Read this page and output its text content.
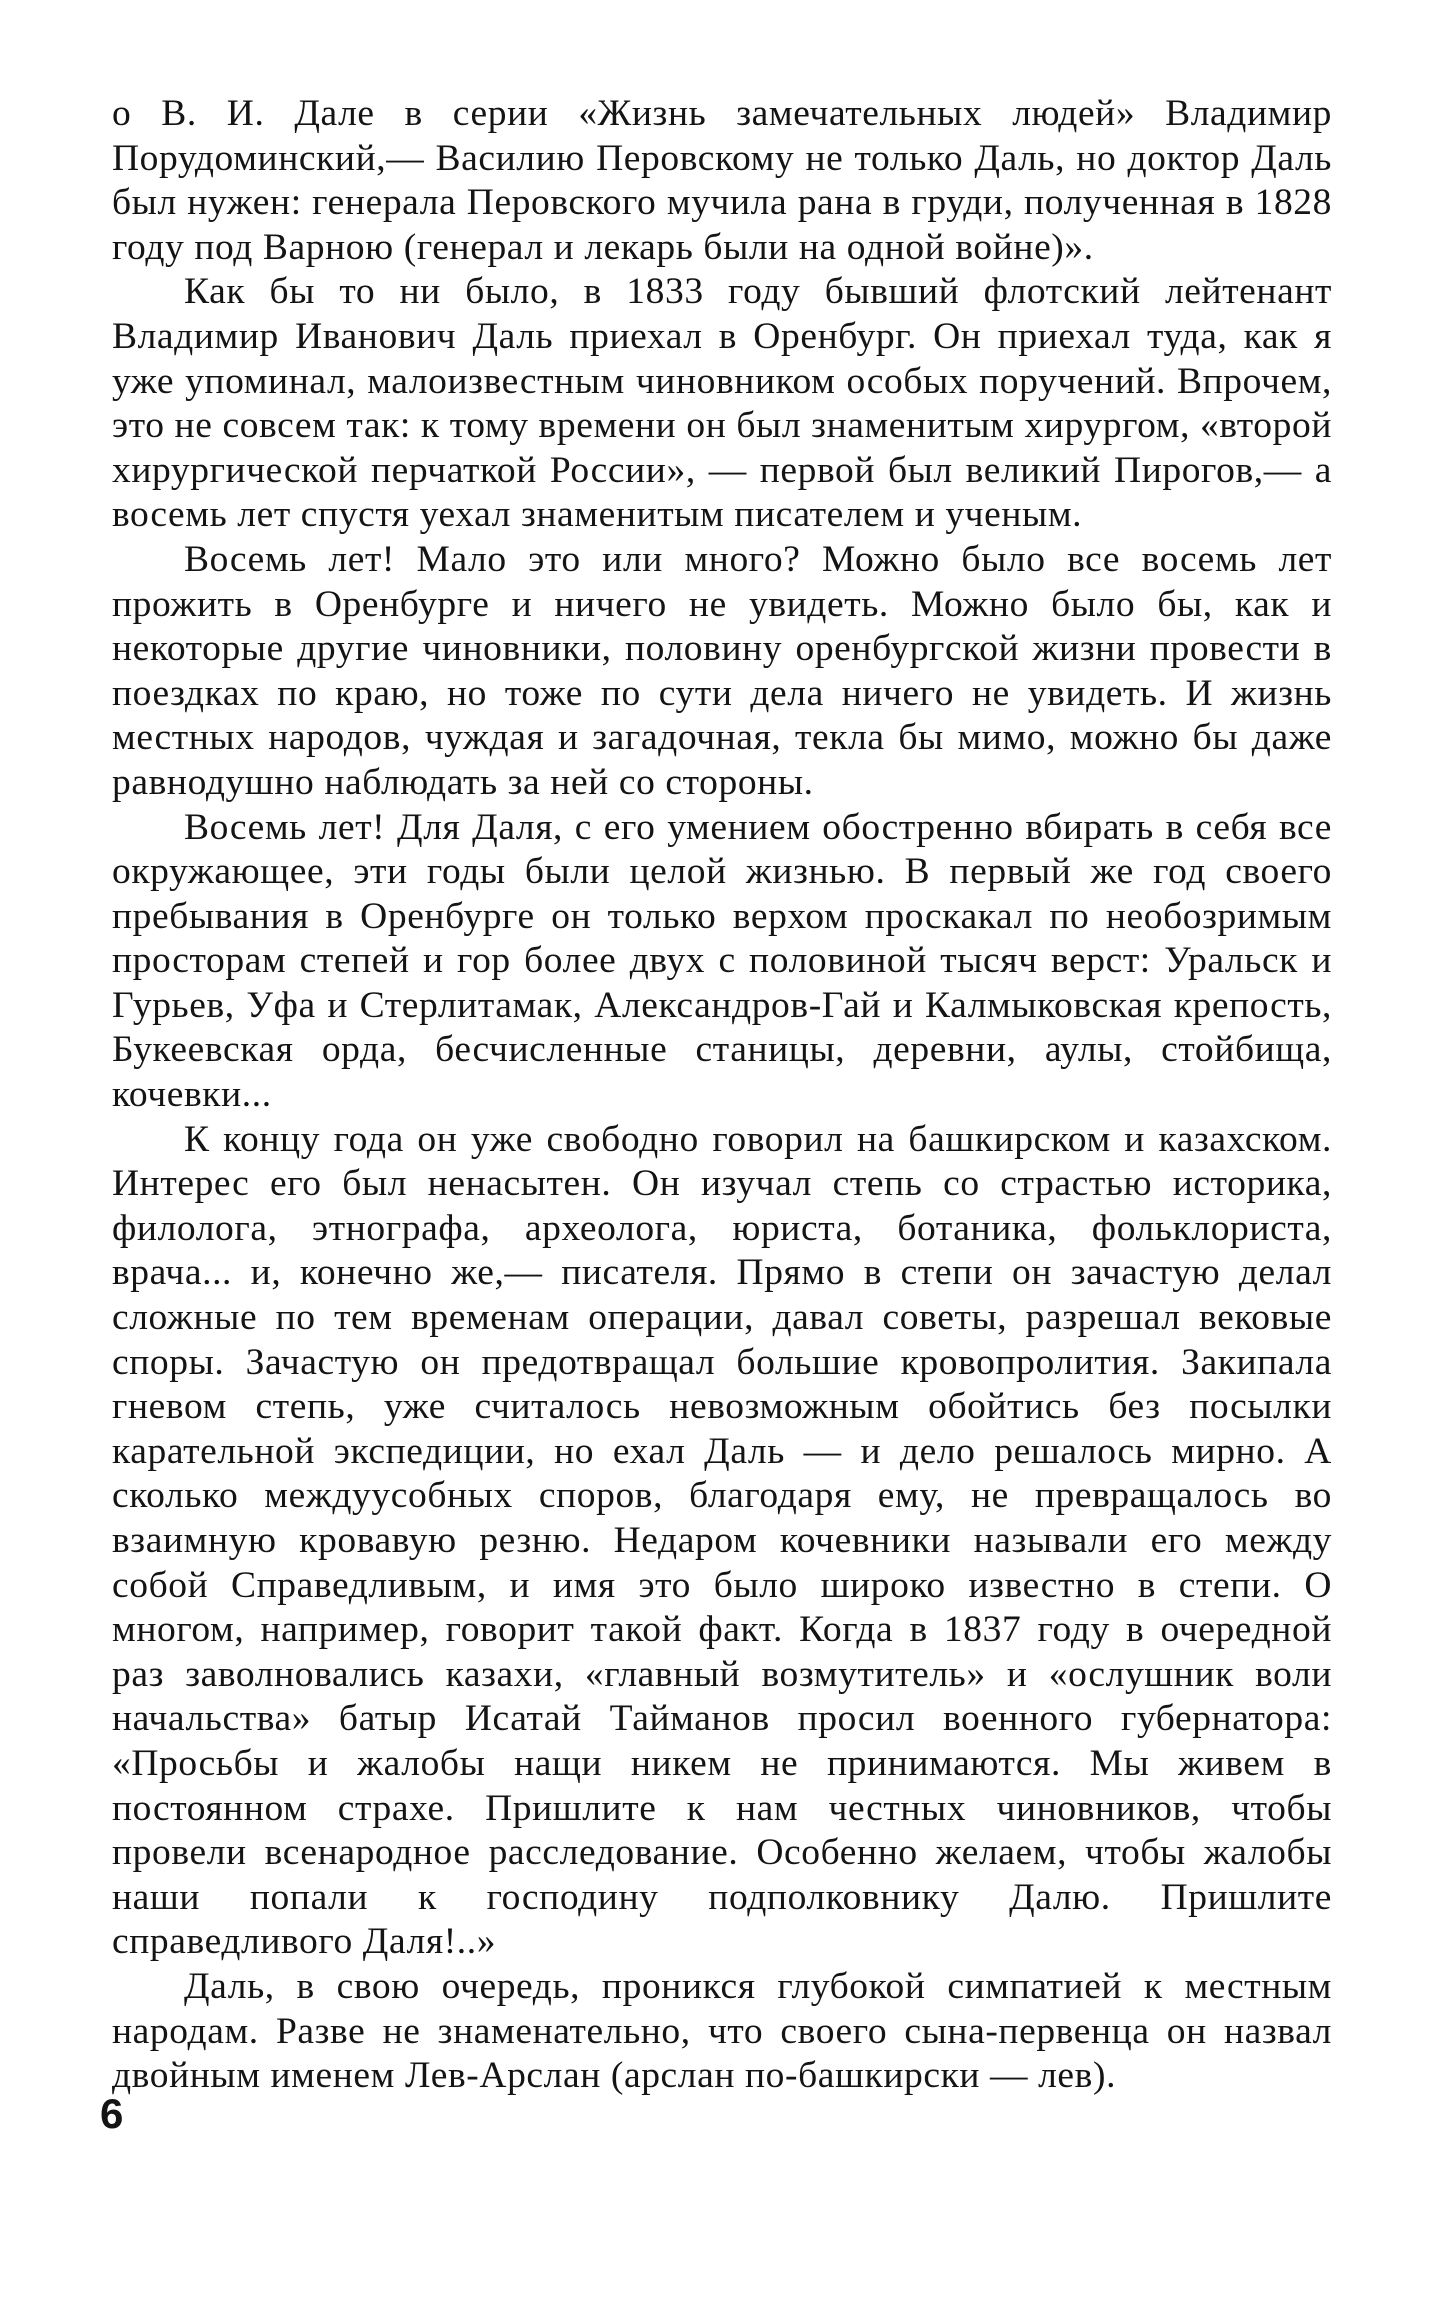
о В. И. Дале в серии «Жизнь замечательных людей» Владимир Порудоминский,— Василию Перовскому не только Даль, но доктор Даль был нужен: генерала Перовского мучила рана в груди, полученная в 1828 году под Варною (генерал и лекарь были на одной войне)».

Как бы то ни было, в 1833 году бывший флотский лейтенант Владимир Иванович Даль приехал в Оренбург. Он приехал туда, как я уже упоминал, малоизвестным чиновником особых поручений. Впрочем, это не совсем так: к тому времени он был знаменитым хирургом, «второй хирургической перчаткой России», — первой был великий Пирогов,— а восемь лет спустя уехал знаменитым писателем и ученым.

Восемь лет! Мало это или много? Можно было все восемь лет прожить в Оренбурге и ничего не увидеть. Можно было бы, как и некоторые другие чиновники, половину оренбургской жизни провести в поездках по краю, но тоже по сути дела ничего не увидеть. И жизнь местных народов, чуждая и загадочная, текла бы мимо, можно бы даже равнодушно наблюдать за ней со стороны.

Восемь лет! Для Даля, с его умением обостренно вбирать в себя все окружающее, эти годы были целой жизнью. В первый же год своего пребывания в Оренбурге он только верхом проскакал по необозримым просторам степей и гор более двух с половиной тысяч верст: Уральск и Гурьев, Уфа и Стерлитамак, Александров-Гай и Калмыковская крепость, Букеевская орда, бесчисленные станицы, деревни, аулы, стойбища, кочевки...

К концу года он уже свободно говорил на башкирском и казахском. Интерес его был ненасытен. Он изучал степь со страстью историка, филолога, этнографа, археолога, юриста, ботаника, фольклориста, врача... и, конечно же,— писателя. Прямо в степи он зачастую делал сложные по тем временам операции, давал советы, разрешал вековые споры. Зачастую он предотвращал большие кровопролития. Закипала гневом степь, уже считалось невозможным обойтись без посылки карательной экспедиции, но ехал Даль — и дело решалось мирно. А сколько междуусобных споров, благодаря ему, не превращалось во взаимную кровавую резню. Недаром кочевники называли его между собой Справедливым, и имя это было широко известно в степи. О многом, например, говорит такой факт. Когда в 1837 году в очередной раз заволновались казахи, «главный возмутитель» и «ослушник воли начальства» батыр Исатай Тайманов просил военного губернатора: «Просьбы и жалобы нащи никем не принимаются. Мы живем в постоянном страхе. Пришлите к нам честных чиновников, чтобы провели всенародное расследование. Особенно желаем, чтобы жалобы наши попали к господину подполковнику Далю. Пришлите справедливого Даля!..»

Даль, в свою очередь, проникся глубокой симпатией к местным народам. Разве не знаменательно, что своего сына-первенца он назвал двойным именем Лев-Арслан (арслан по-башкирски — лев).

6
